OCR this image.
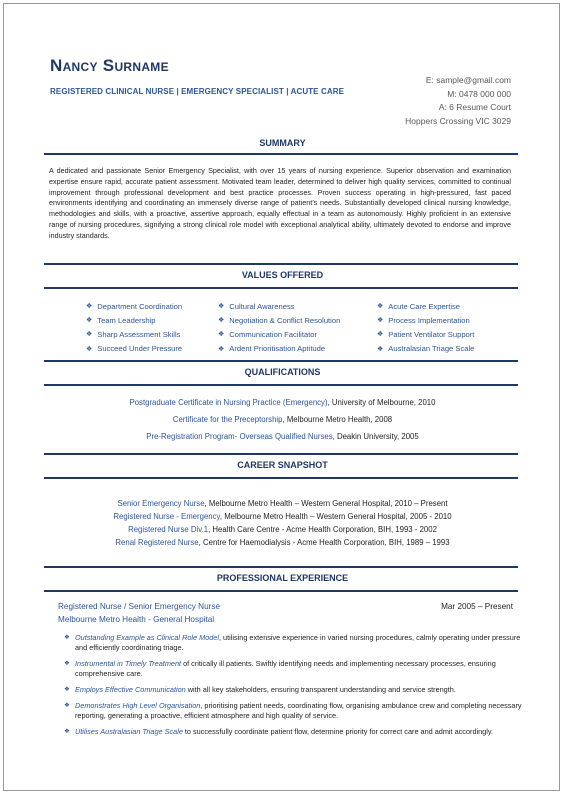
Nancy Surname
REGISTERED CLINICAL NURSE | EMERGENCY SPECIALIST | ACUTE CARE
E: sample@gmail.com
M: 0478 000 000
A: 6 Resume Court
Hoppers Crossing VIC 3029
SUMMARY
A dedicated and passionate Senior Emergency Specialist, with over 15 years of nursing experience. Superior observation and examination expertise ensure rapid, accurate patient assessment. Motivated team leader, determined to deliver high quality services, committed to continual improvement through professional development and best practice processes. Proven success operating in high-pressured, fast paced environments identifying and coordinating an immensely diverse range of patient’s needs. Substantially developed clinical nursing knowledge, methodologies and skills, with a proactive, assertive approach, equally effectual in a team as autonomously. Highly proficient in an extensive range of nursing procedures, signifying a strong clinical role model with exceptional analytical ability, ultimately devoted to endorse and improve industry standards.
VALUES OFFERED
❖ Department Coordination
❖ Team Leadership
❖ Sharp Assessment Skills
❖ Succeed Under Pressure
❖ Cultural Awareness
❖ Negotiation & Conflict Resolution
❖ Communication Facilitator
❖ Ardent Prioritisation Aptitude
❖ Acute Care Expertise
❖ Process Implementation
❖ Patient Ventilator Support
❖ Australasian Triage Scale
QUALIFICATIONS
Postgraduate Certificate in Nursing Practice (Emergency), University of Melbourne, 2010
Certificate for the Preceptorship, Melbourne Metro Health, 2008
Pre-Registration Program- Overseas Qualified Nurses, Deakin University, 2005
CAREER SNAPSHOT
Senior Emergency Nurse, Melbourne Metro Health – Western General Hospital, 2010 – Present
Registered Nurse - Emergency, Melbourne Metro Health – Western General Hospital, 2005 - 2010
Registered Nurse Div.1, Health Care Centre - Acme Health Corporation, BIH, 1993 - 2002
Renal Registered Nurse, Centre for Haemodialysis - Acme Health Corporation, BIH, 1989 – 1993
PROFESSIONAL EXPERIENCE
Registered Nurse / Senior Emergency Nurse
Melbourne Metro Health - General Hospital
Mar 2005 – Present
❖ Outstanding Example as Clinical Role Model, utilising extensive experience in varied nursing procedures, calmly operating under pressure and efficiently coordinating triage.
❖ Instrumental in Timely Treatment of critically ill patients. Swiftly identifying needs and implementing necessary processes, ensuring comprehensive care.
❖ Employs Effective Communication with all key stakeholders, ensuring transparent understanding and service strength.
❖ Demonstrates High Level Organisation, prioritising patient needs, coordinating flow, organising ambulance crew and completing necessary reporting, generating a proactive, efficient atmosphere and high quality of service.
❖ Utilises Australasian Triage Scale to successfully coordinate patient flow, determine priority for correct care and admit accordingly.
